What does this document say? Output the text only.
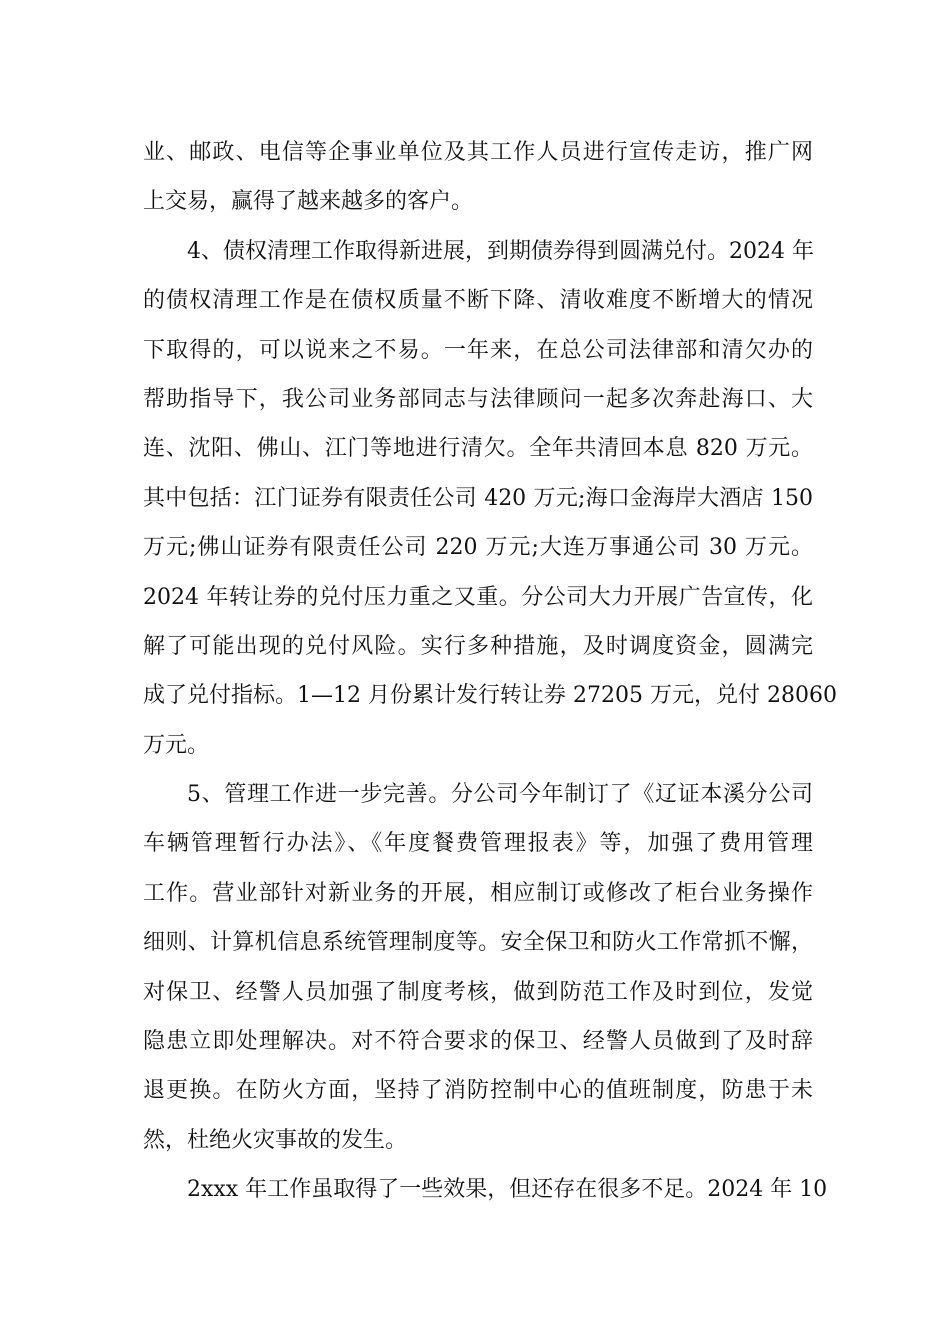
业、邮政、电信等企事业单位及其工作人员进行宣传走访，推广网
上交易，赢得了越来越多的客户。
4、债权清理工作取得新进展，到期债券得到圆满兑付。2024 年
的债权清理工作是在债权质量不断下降、清收难度不断增大的情况
下取得的，可以说来之不易。一年来，在总公司法律部和清欠办的
帮助指导下，我公司业务部同志与法律顾问一起多次奔赴海口、大
连、沈阳、佛山、江门等地进行清欠。全年共清回本息 820 万元。
其中包括：江门证券有限责任公司 420 万元;海口金海岸大酒店 150
万元;佛山证券有限责任公司 220 万元;大连万事通公司 30 万元。
2024 年转让券的兑付压力重之又重。分公司大力开展广告宣传，化
解了可能出现的兑付风险。实行多种措施，及时调度资金，圆满完
成了兑付指标。1—12 月份累计发行转让券 27205 万元，兑付 28060
万元。
5、管理工作进一步完善。分公司今年制订了《辽证本溪分公司
车辆管理暂行办法》、《年度餐费管理报表》等，加强了费用管理
工作。营业部针对新业务的开展，相应制订或修改了柜台业务操作
细则、计算机信息系统管理制度等。安全保卫和防火工作常抓不懈，
对保卫、经警人员加强了制度考核，做到防范工作及时到位，发觉
隐患立即处理解决。对不符合要求的保卫、经警人员做到了及时辞
退更换。在防火方面，坚持了消防控制中心的值班制度，防患于未
然，杜绝火灾事故的发生。
2xxx 年工作虽取得了一些效果，但还存在很多不足。2024 年 10
